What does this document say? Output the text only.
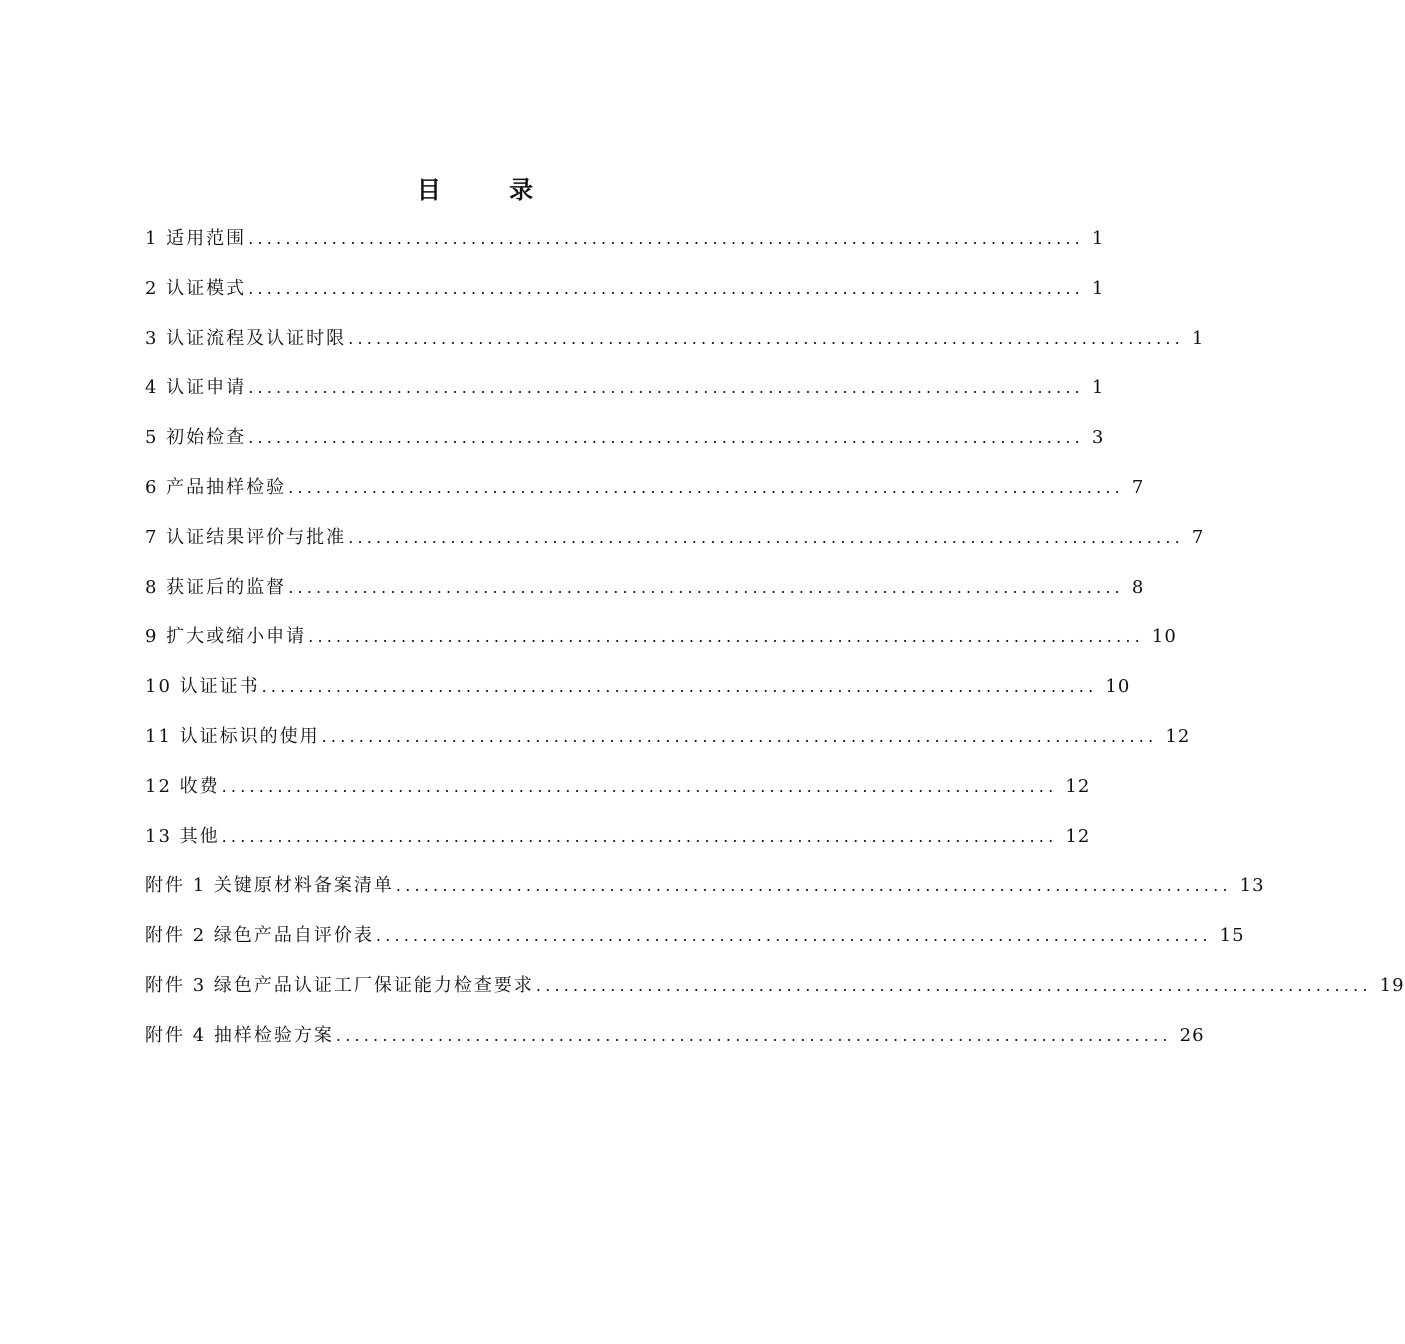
目 录
1 适用范围 .......................................................................................... 1
2 认证模式 .......................................................................................... 1
3 认证流程及认证时限 .......................................................................................... 1
4 认证申请 .......................................................................................... 1
5 初始检查 .......................................................................................... 3
6 产品抽样检验 .......................................................................................... 7
7 认证结果评价与批准 .......................................................................................... 7
8 获证后的监督 .......................................................................................... 8
9 扩大或缩小申请 .......................................................................................... 10
10 认证证书 .......................................................................................... 10
11 认证标识的使用 .......................................................................................... 12
12 收费 .......................................................................................... 12
13 其他 .......................................................................................... 12
附件 1 关键原材料备案清单 .......................................................................................... 13
附件 2 绿色产品自评价表 .......................................................................................... 15
附件 3 绿色产品认证工厂保证能力检查要求 .......................................................................................... 19
附件 4 抽样检验方案 .......................................................................................... 26
